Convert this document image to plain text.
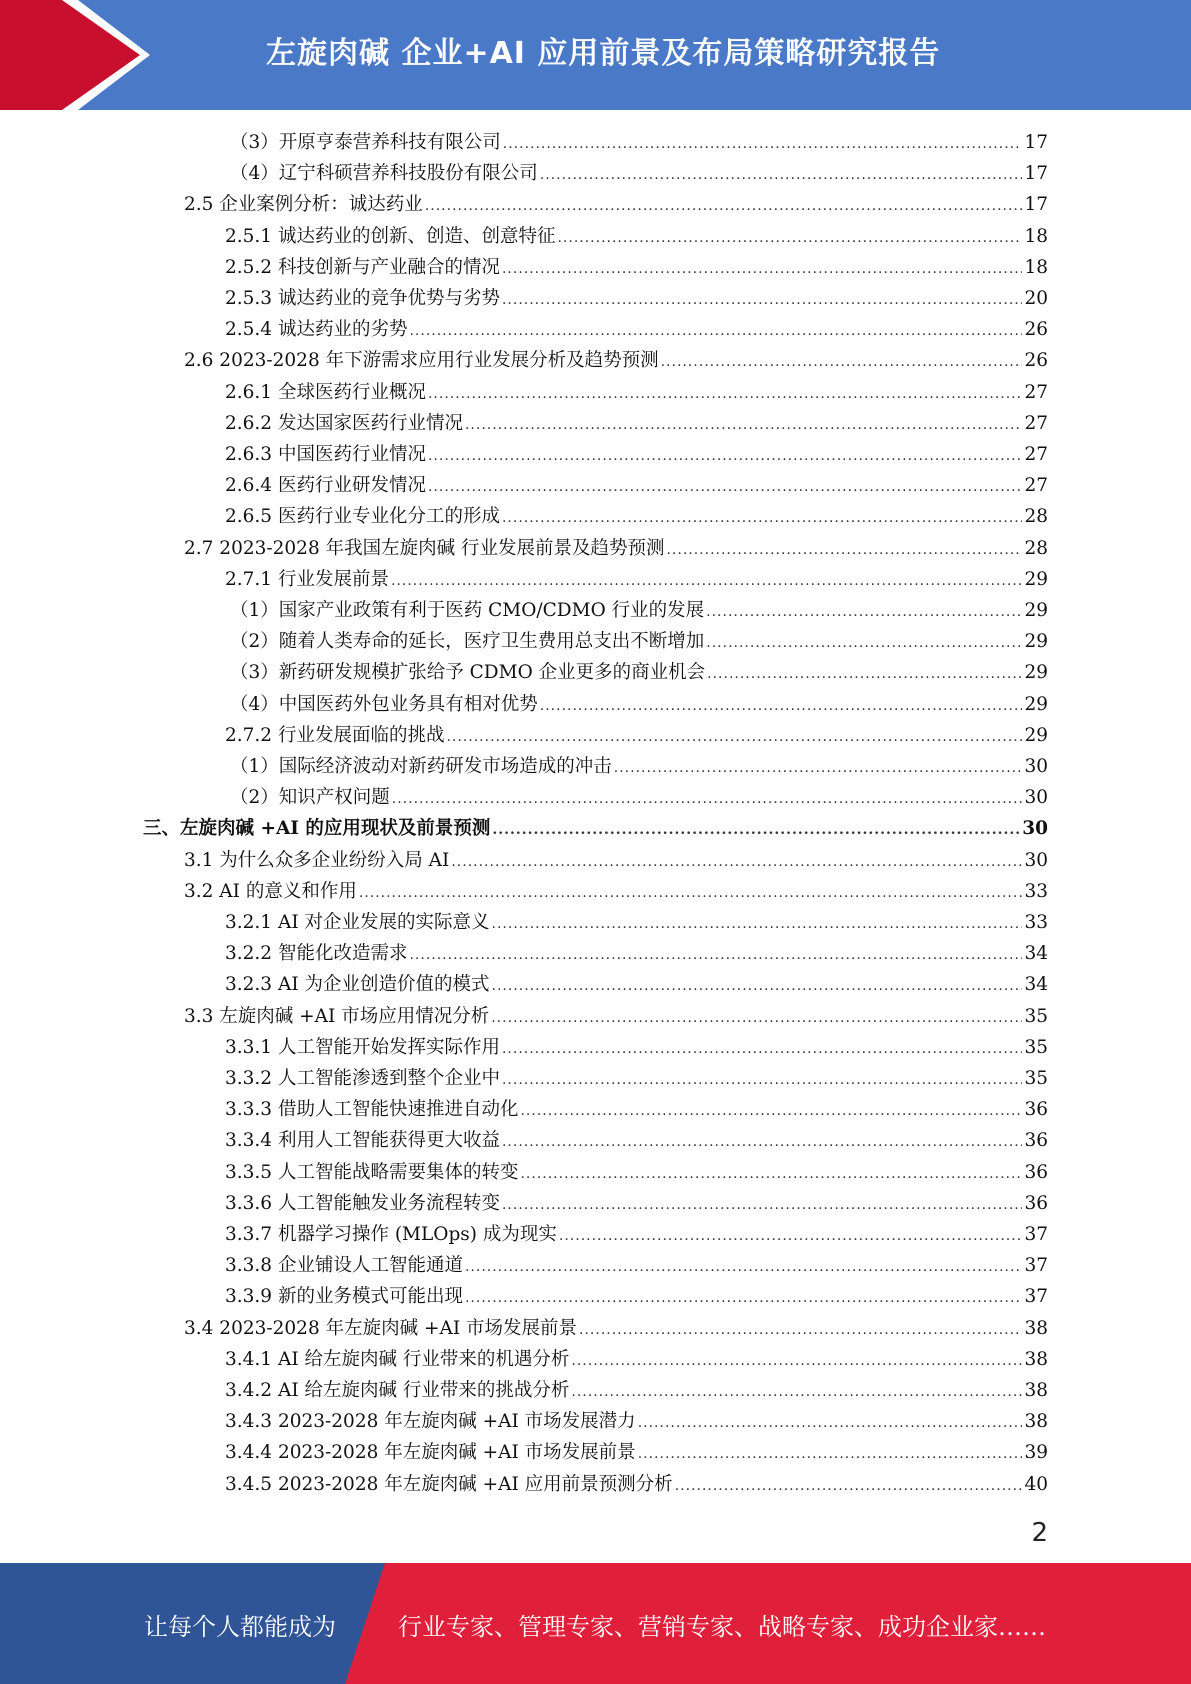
左旋肉碱 企业+AI 应用前景及布局策略研究报告
（3）开原亨泰营养科技有限公司 .....	17
（4）辽宁科硕营养科技股份有限公司 .....	17
2.5 企业案例分析：诚达药业 .....	17
2.5.1 诚达药业的创新、创造、创意特征 .....	18
2.5.2 科技创新与产业融合的情况 .....	18
2.5.3 诚达药业的竞争优势与劣势 .....	20
2.5.4 诚达药业的劣势 .....	26
2.6 2023-2028 年下游需求应用行业发展分析及趋势预测 .....	26
2.6.1 全球医药行业概况 .....	27
2.6.2 发达国家医药行业情况 .....	27
2.6.3 中国医药行业情况 .....	27
2.6.4 医药行业研发情况 .....	27
2.6.5 医药行业专业化分工的形成 .....	28
2.7 2023-2028 年我国左旋肉碱 行业发展前景及趋势预测 .....	28
2.7.1 行业发展前景 .....	29
（1）国家产业政策有利于医药 CMO/CDMO 行业的发展 .....	29
（2）随着人类寿命的延长，医疗卫生费用总支出不断增加 .....	29
（3）新药研发规模扩张给予 CDMO 企业更多的商业机会 .....	29
（4）中国医药外包业务具有相对优势 .....	29
2.7.2 行业发展面临的挑战 .....	29
（1）国际经济波动对新药研发市场造成的冲击 .....	30
（2）知识产权问题 .....	30
三、左旋肉碱 +AI 的应用现状及前景预测 .....	30
3.1 为什么众多企业纷纷入局 AI .....	30
3.2 AI 的意义和作用 .....	33
3.2.1 AI 对企业发展的实际意义 .....	33
3.2.2 智能化改造需求 .....	34
3.2.3 AI 为企业创造价值的模式 .....	34
3.3 左旋肉碱 +AI 市场应用情况分析 .....	35
3.3.1 人工智能开始发挥实际作用 .....	35
3.3.2 人工智能渗透到整个企业中 .....	35
3.3.3 借助人工智能快速推进自动化 .....	36
3.3.4 利用人工智能获得更大收益 .....	36
3.3.5 人工智能战略需要集体的转变 .....	36
3.3.6 人工智能触发业务流程转变 .....	36
3.3.7 机器学习操作 (MLOps) 成为现实 .....	37
3.3.8 企业铺设人工智能通道 .....	37
3.3.9 新的业务模式可能出现 .....	37
3.4 2023-2028 年左旋肉碱 +AI 市场发展前景 .....	38
3.4.1 AI 给左旋肉碱 行业带来的机遇分析 .....	38
3.4.2 AI 给左旋肉碱 行业带来的挑战分析 .....	38
3.4.3 2023-2028 年左旋肉碱 +AI 市场发展潜力 .....	38
3.4.4 2023-2028 年左旋肉碱 +AI 市场发展前景 .....	39
3.4.5 2023-2028 年左旋肉碱 +AI 应用前景预测分析 .....	40
2
让每个人都能成为	行业专家、管理专家、营销专家、战略专家、成功企业家……
